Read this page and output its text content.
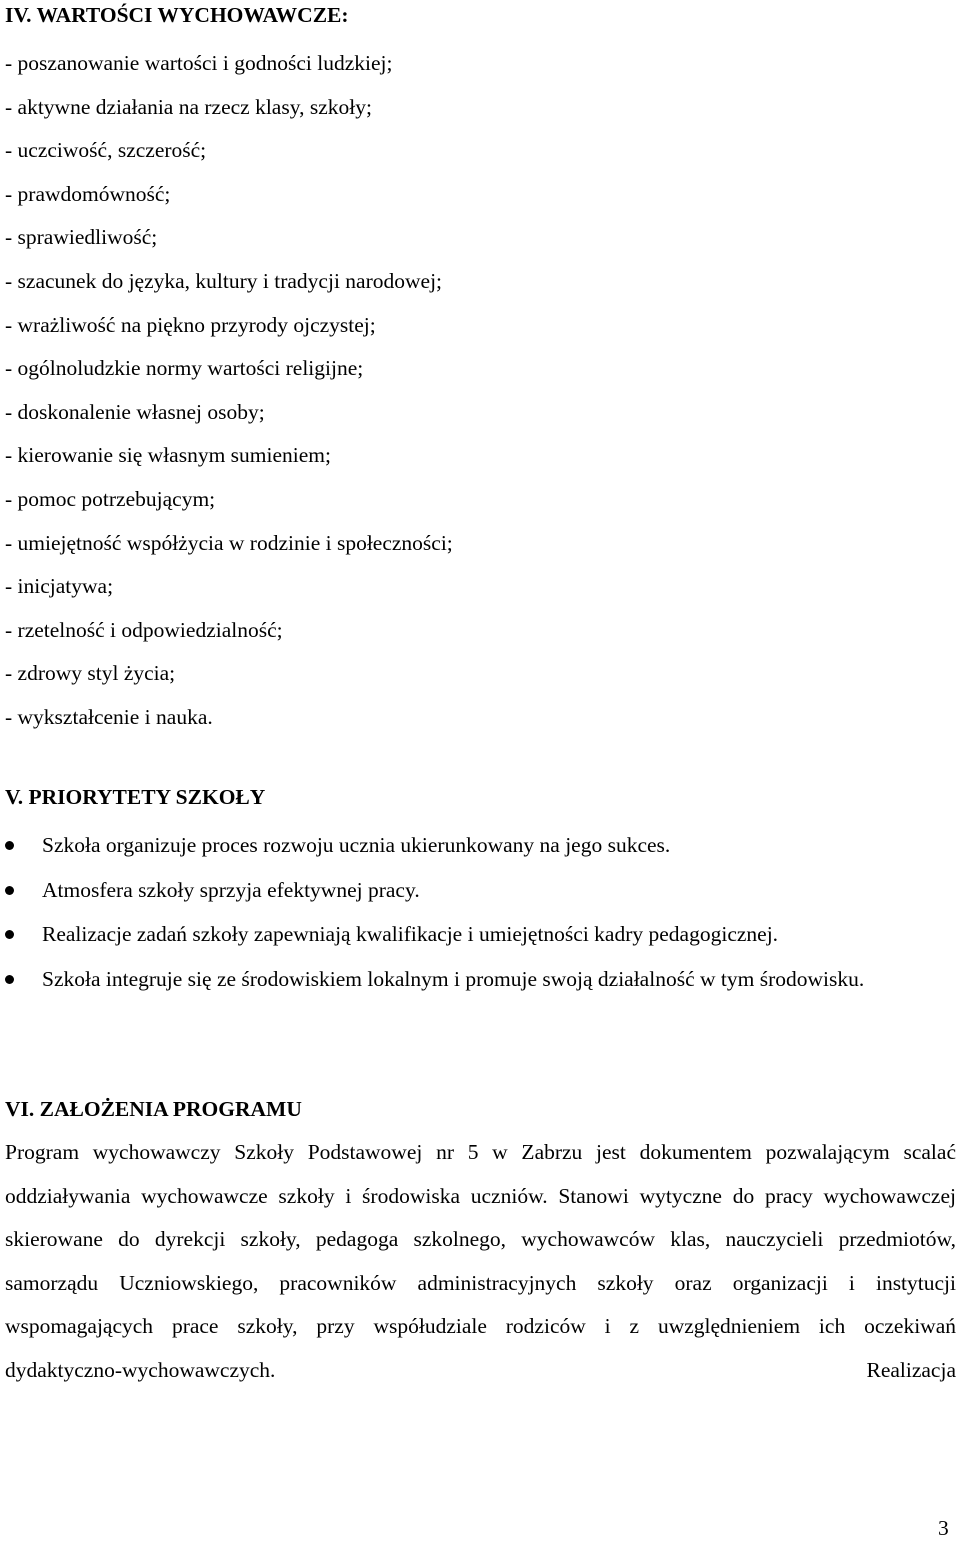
IV. WARTOŚCI WYCHOWAWCZE:
- poszanowanie wartości i godności ludzkiej;
- aktywne działania na rzecz klasy, szkoły;
- uczciwość, szczerość;
- prawdomówność;
- sprawiedliwość;
- szacunek do języka, kultury i tradycji narodowej;
- wrażliwość na piękno przyrody ojczystej;
- ogólnoludzkie normy wartości religijne;
- doskonalenie własnej osoby;
- kierowanie się własnym sumieniem;
- pomoc potrzebującym;
- umiejętność współżycia w rodzinie i społeczności;
- inicjatywa;
- rzetelność i odpowiedzialność;
- zdrowy styl życia;
- wykształcenie i nauka.
V. PRIORYTETY SZKOŁY
Szkoła organizuje proces rozwoju ucznia ukierunkowany na jego sukces.
Atmosfera szkoły sprzyja efektywnej pracy.
Realizacje zadań szkoły zapewniają kwalifikacje i umiejętności kadry pedagogicznej.
Szkoła integruje się ze środowiskiem lokalnym i promuje swoją działalność w tym środowisku.
VI. ZAŁOŻENIA PROGRAMU

Program wychowawczy Szkoły Podstawowej nr 5 w Zabrzu jest dokumentem pozwalającym scalać oddziaływania wychowawcze szkoły i środowiska uczniów. Stanowi wytyczne do pracy wychowawczej skierowane do dyrekcji szkoły, pedagoga szkolnego, wychowawców klas, nauczycieli przedmiotów, samorządu Uczniowskiego, pracowników administracyjnych szkoły oraz organizacji i instytucji wspomagających prace szkoły, przy współudziale rodziców i z uwzględnieniem ich oczekiwań dydaktyczno-wychowawczych. Realizacja

3
